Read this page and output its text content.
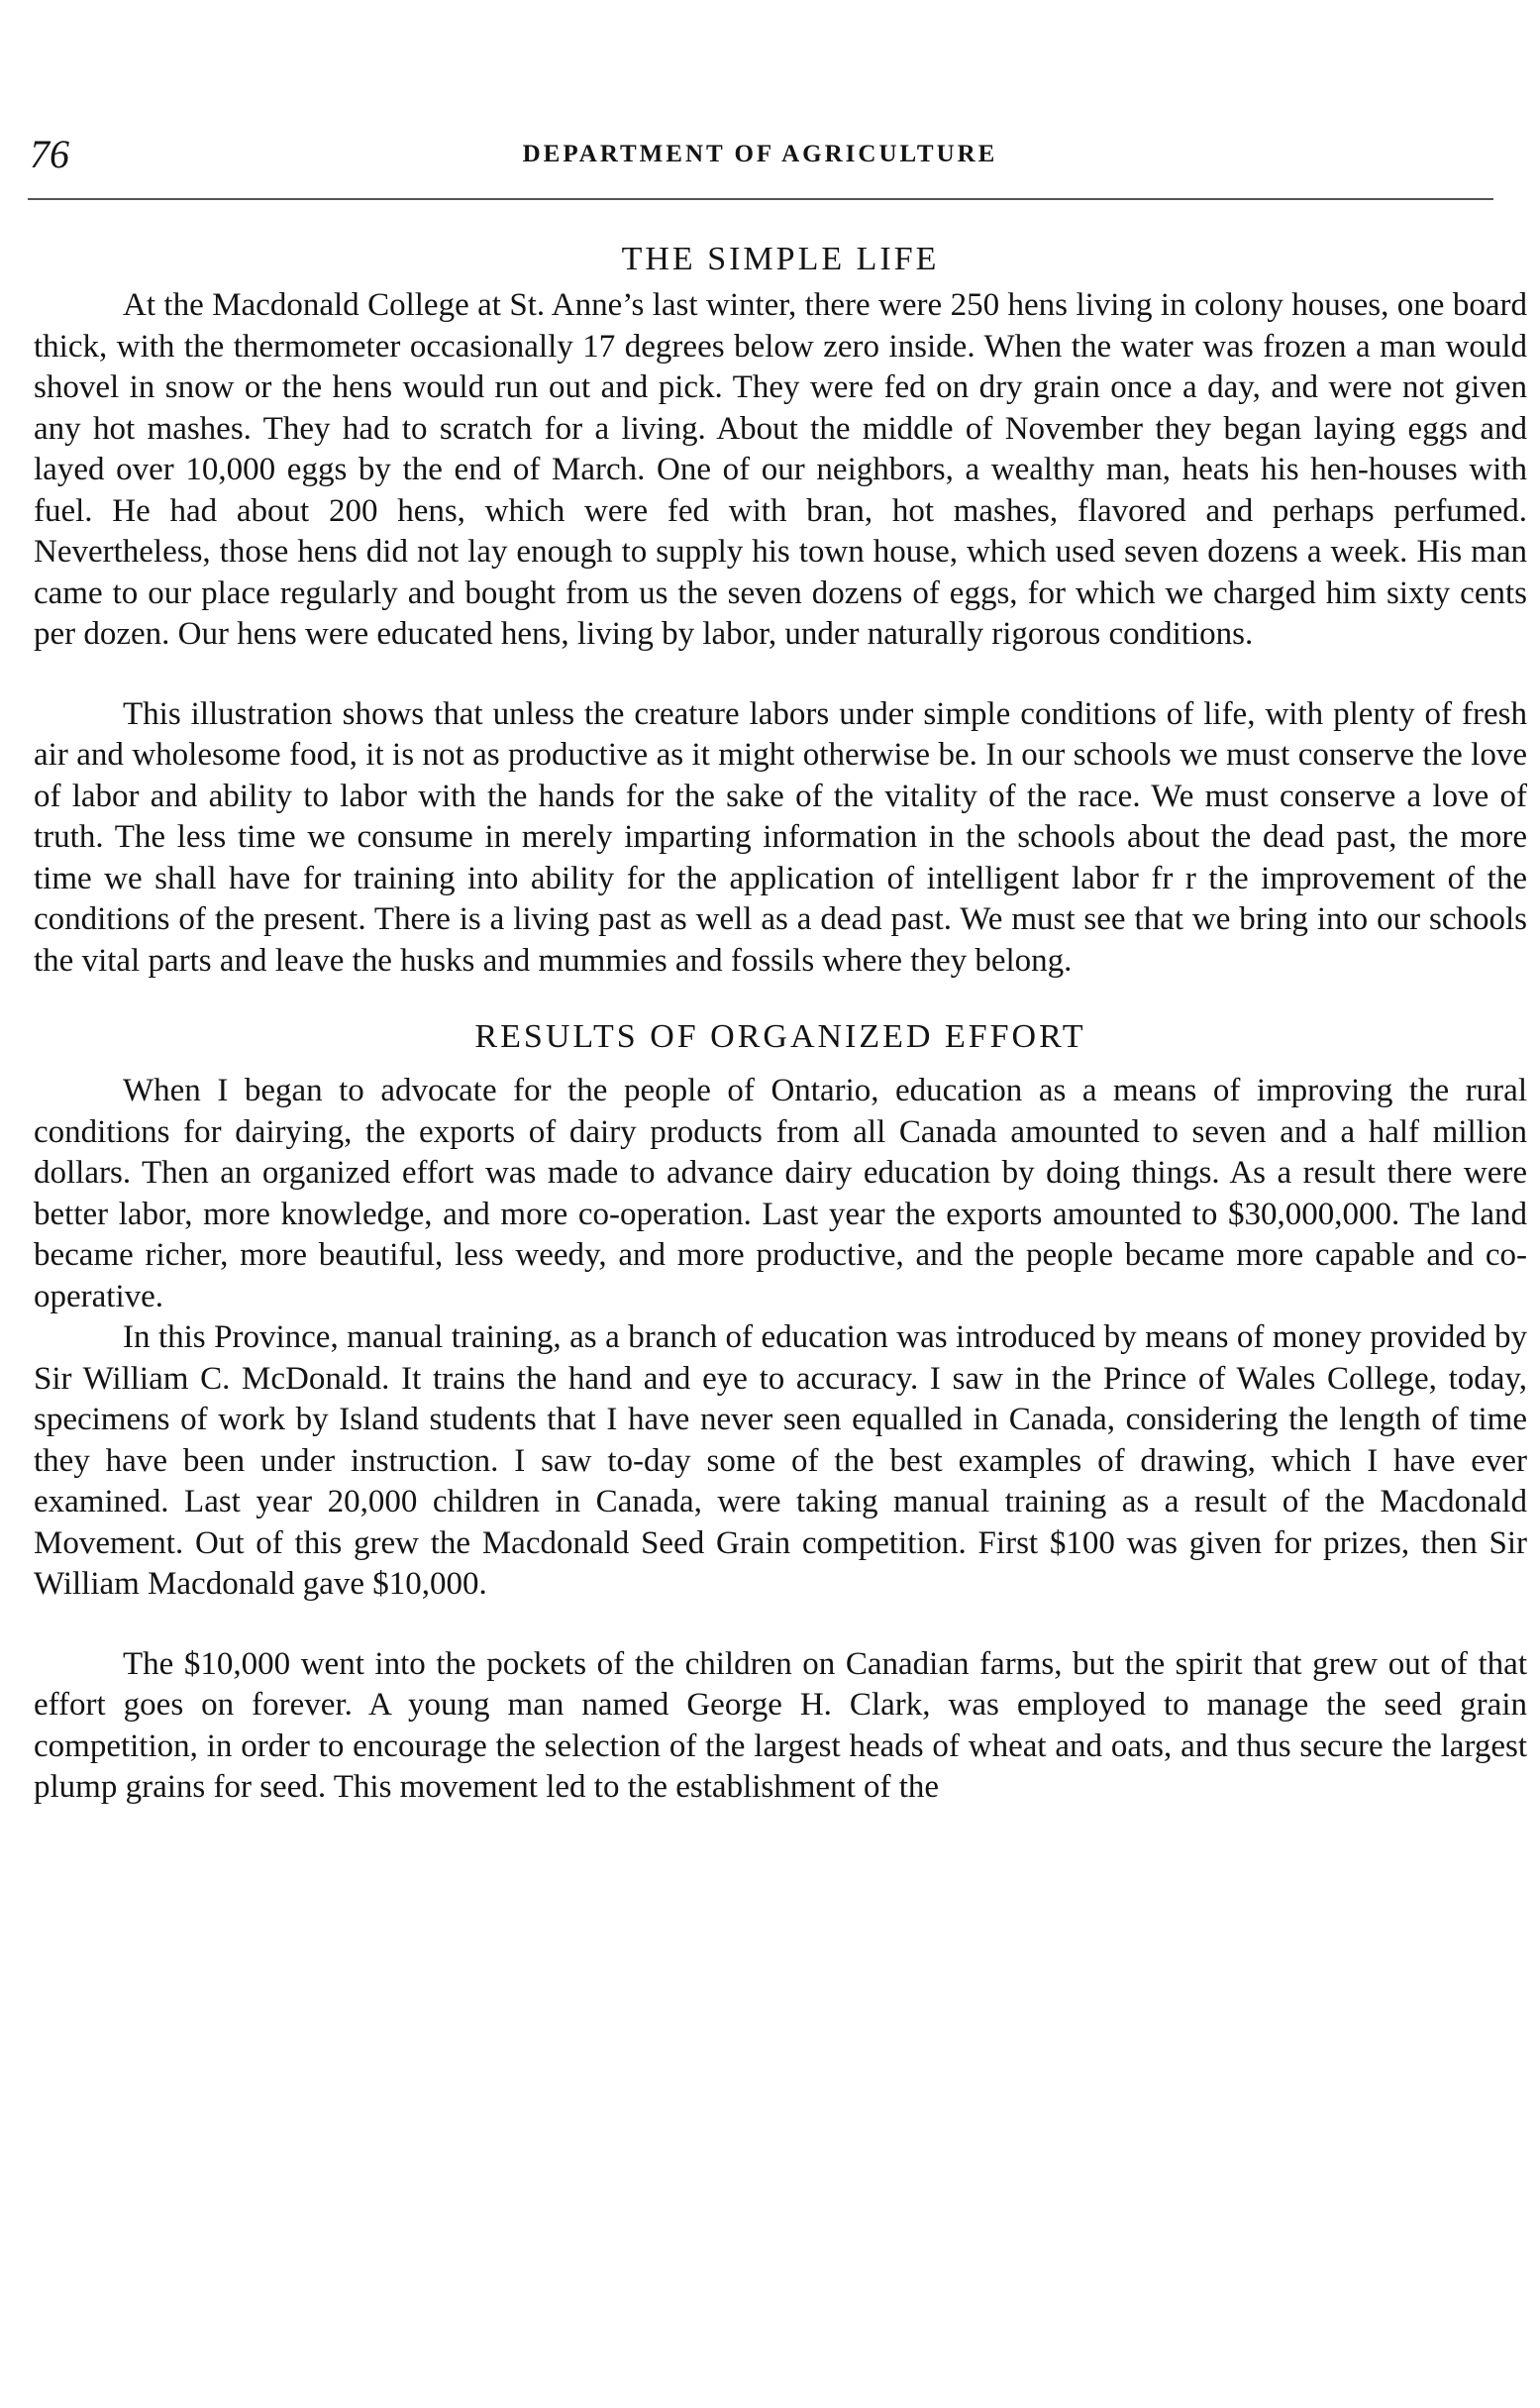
76	DEPARTMENT OF AGRICULTURE
THE SIMPLE LIFE

At the Macdonald College at St. Anne’s last winter, there were 250 hens living in colony houses, one board thick, with the thermometer occasionally 17 degrees below zero inside. When the water was frozen a man would shovel in snow or the hens would run out and pick. They were fed on dry grain once a day, and were not given any hot mashes. They had to scratch for a living. About the middle of November they began laying eggs and layed over 10,000 eggs by the end of March. One of our neighbors, a wealthy man, heats his hen-houses with fuel. He had about 200 hens, which were fed with bran, hot mashes, flavored and perhaps perfumed. Nevertheless, those hens did not lay enough to supply his town house, which used seven dozens a week. His man came to our place regularly and bought from us the seven dozens of eggs, for which we charged him sixty cents per dozen. Our hens were educated hens, living by labor, under naturally rigorous conditions.

This illustration shows that unless the creature labors under simple conditions of life, with plenty of fresh air and wholesome food, it is not as productive as it might otherwise be. In our schools we must conserve the love of labor and ability to labor with the hands for the sake of the vitality of the race. We must conserve a love of truth. The less time we consume in merely imparting information in the schools about the dead past, the more time we shall have for training into ability for the application of intelligent labor fr r the improvement of the conditions of the present. There is a living past as well as a dead past. We must see that we bring into our schools the vital parts and leave the husks and mummies and fossils where they belong.

RESULTS OF ORGANIZED EFFORT

When I began to advocate for the people of Ontario, education as a means of improving the rural conditions for dairying, the exports of dairy products from all Canada amounted to seven and a half million dollars. Then an organized effort was made to advance dairy education by doing things. As a result there were better labor, more knowledge, and more co-operation. Last year the exports amounted to $30,000,000. The land became richer, more beautiful, less weedy, and more productive, and the people became more capable and co-operative.

In this Province, manual training, as a branch of education was introduced by means of money provided by Sir William C. McDonald. It trains the hand and eye to accuracy. I saw in the Prince of Wales College, today, specimens of work by Island students that I have never seen equalled in Canada, considering the length of time they have been under instruction. I saw to-day some of the best examples of drawing, which I have ever examined. Last year 20,000 children in Canada, were taking manual training as a result of the Macdonald Movement. Out of this grew the Macdonald Seed Grain competition. First $100 was given for prizes, then Sir William Macdonald gave $10,000.

The $10,000 went into the pockets of the children on Canadian farms, but the spirit that grew out of that effort goes on forever. A young man named George H. Clark, was employed to manage the seed grain competition, in order to encourage the selection of the largest heads of wheat and oats, and thus secure the largest plump grains for seed. This movement led to the establishment of the
